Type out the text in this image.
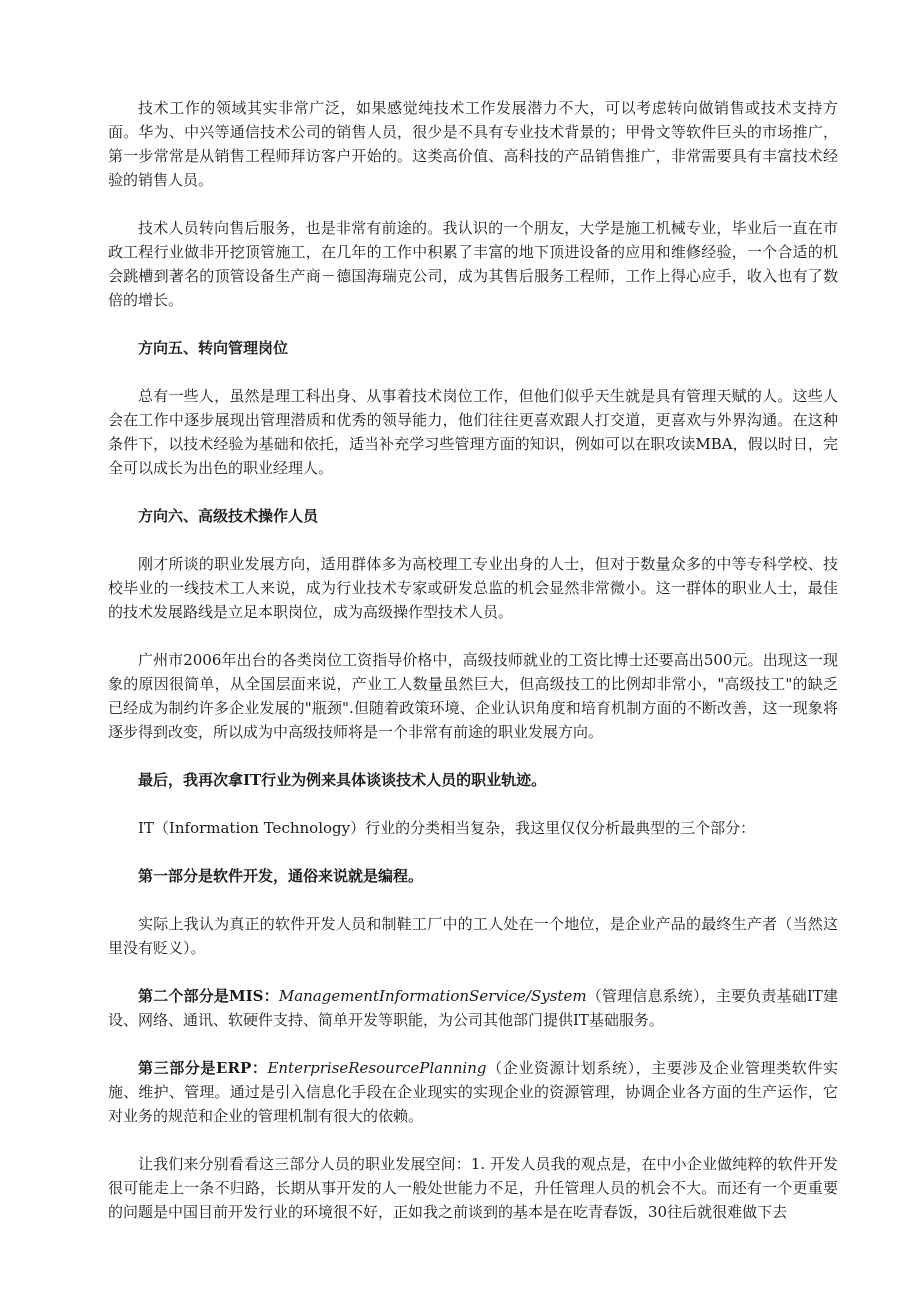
技术工作的领域其实非常广泛，如果感觉纯技术工作发展潜力不大，可以考虑转向做销售或技术支持方面。华为、中兴等通信技术公司的销售人员，很少是不具有专业技术背景的；甲骨文等软件巨头的市场推广，第一步常常是从销售工程师拜访客户开始的。这类高价值、高科技的产品销售推广，非常需要具有丰富技术经验的销售人员。

技术人员转向售后服务，也是非常有前途的。我认识的一个朋友，大学是施工机械专业，毕业后一直在市政工程行业做非开挖顶管施工，在几年的工作中积累了丰富的地下顶进设备的应用和维修经验，一个合适的机会跳槽到著名的顶管设备生产商－德国海瑞克公司，成为其售后服务工程师，工作上得心应手，收入也有了数倍的增长。

方向五、转向管理岗位

总有一些人，虽然是理工科出身、从事着技术岗位工作，但他们似乎天生就是具有管理天赋的人。这些人会在工作中逐步展现出管理潜质和优秀的领导能力，他们往往更喜欢跟人打交道，更喜欢与外界沟通。在这种条件下，以技术经验为基础和依托，适当补充学习些管理方面的知识，例如可以在职攻读MBA，假以时日，完全可以成长为出色的职业经理人。

方向六、高级技术操作人员

刚才所谈的职业发展方向，适用群体多为高校理工专业出身的人士，但对于数量众多的中等专科学校、技校毕业的一线技术工人来说，成为行业技术专家或研发总监的机会显然非常微小。这一群体的职业人士，最佳的技术发展路线是立足本职岗位，成为高级操作型技术人员。

广州市2006年出台的各类岗位工资指导价格中，高级技师就业的工资比博士还要高出500元。出现这一现象的原因很简单，从全国层面来说，产业工人数量虽然巨大，但高级技工的比例却非常小，"高级技工"的缺乏已经成为制约许多企业发展的"瓶颈".但随着政策环境、企业认识角度和培育机制方面的不断改善，这一现象将逐步得到改变，所以成为中高级技师将是一个非常有前途的职业发展方向。

最后，我再次拿IT行业为例来具体谈谈技术人员的职业轨迹。

IT（Information Technology）行业的分类相当复杂，我这里仅仅分析最典型的三个部分：

第一部分是软件开发，通俗来说就是编程。

实际上我认为真正的软件开发人员和制鞋工厂中的工人处在一个地位，是企业产品的最终生产者（当然这里没有贬义）。

第二个部分是MIS：ManagementInformationService/System（管理信息系统），主要负责基础IT建设、网络、通讯、软硬件支持、简单开发等职能，为公司其他部门提供IT基础服务。

第三部分是ERP：EnterpriseResourcePlanning（企业资源计划系统），主要涉及企业管理类软件实施、维护、管理。通过是引入信息化手段在企业现实的实现企业的资源管理，协调企业各方面的生产运作，它对业务的规范和企业的管理机制有很大的依赖。

让我们来分别看看这三部分人员的职业发展空间：1. 开发人员我的观点是，在中小企业做纯粹的软件开发很可能走上一条不归路，长期从事开发的人一般处世能力不足，升任管理人员的机会不大。而还有一个更重要的问题是中国目前开发行业的环境很不好，正如我之前谈到的基本是在吃青春饭，30往后就很难做下去
